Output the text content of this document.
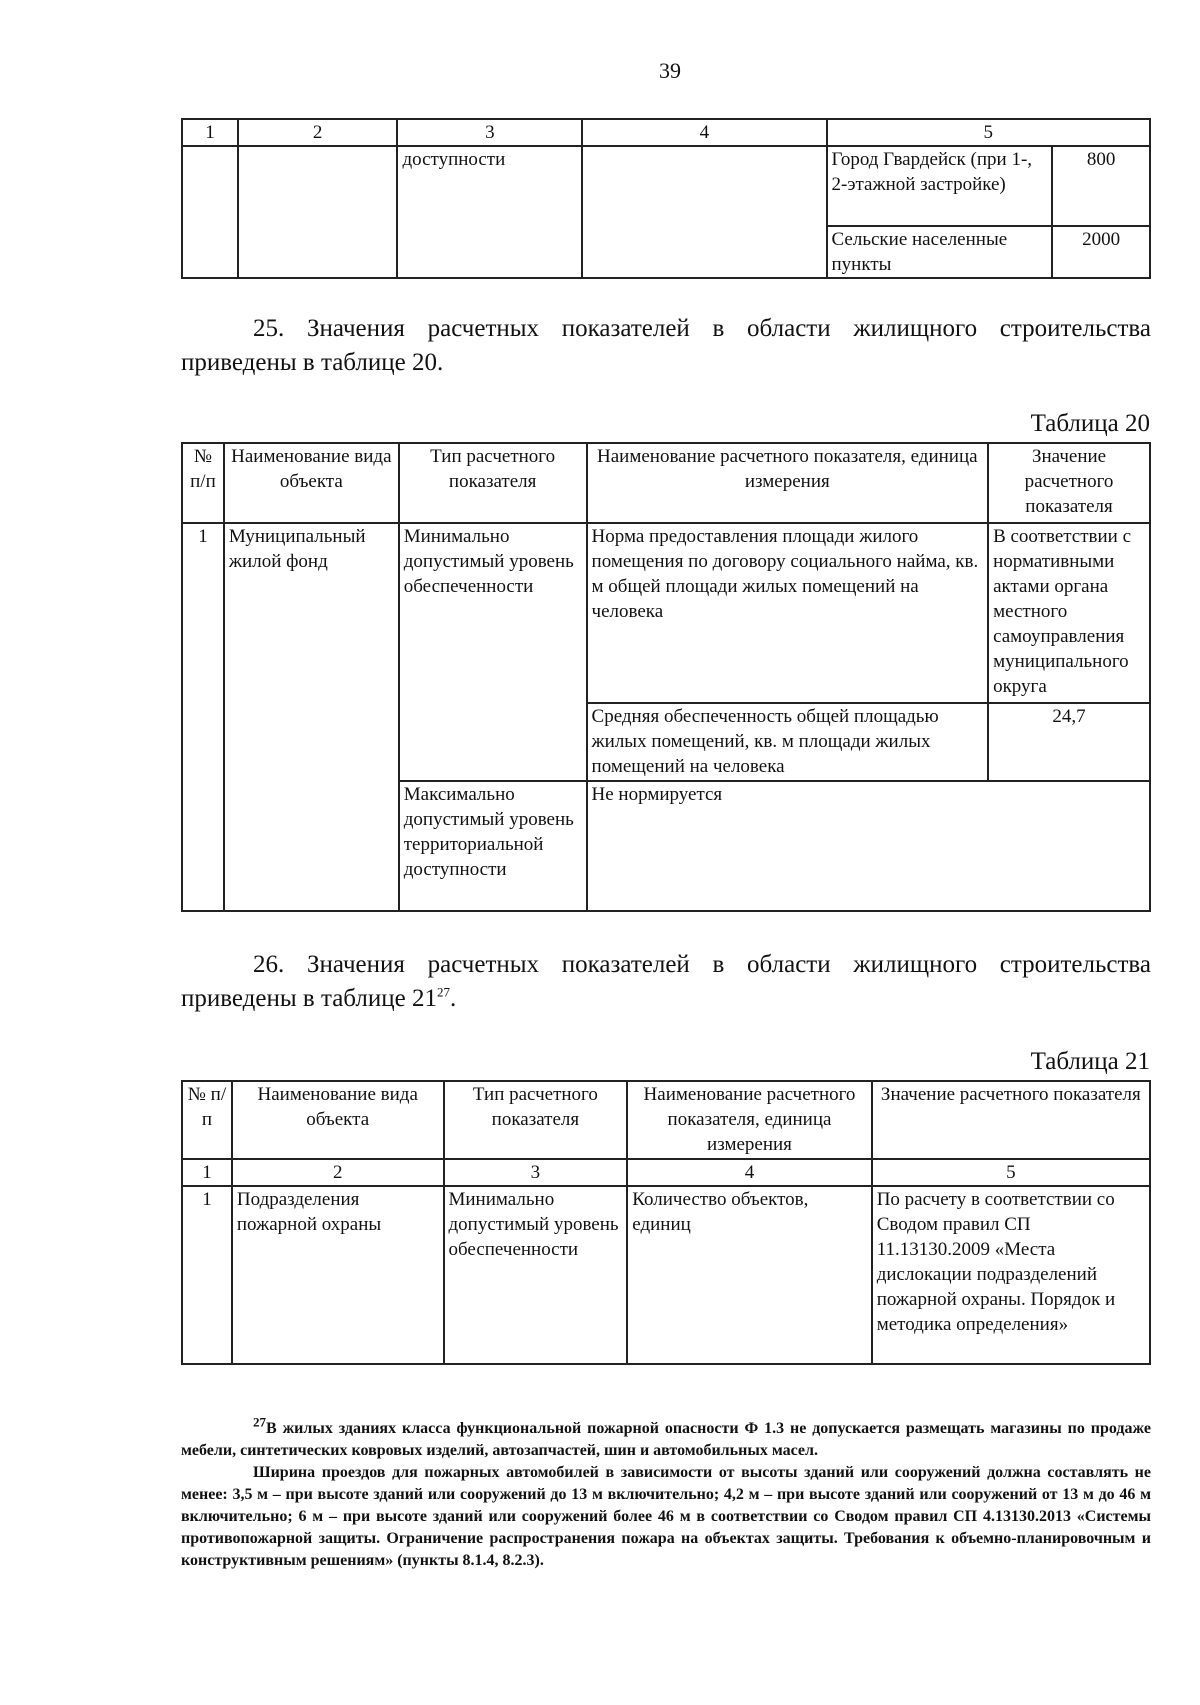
39
1	2	3	4	5	
		доступности		Город Гвардейск (при 1-, 2-этажной застройке)	800
				Сельские населенные пункты	2000
25. Значения расчетных показателей в области жилищного строительства приведены в таблице 20.
Таблица 20
№ п/п	Наименование вида объекта	Тип расчетного показателя	Наименование расчетного показателя, единица измерения	Значение расчетного показателя
1	Муниципальный жилой фонд	Минимально допустимый уровень обеспеченности	Норма предоставления площади жилого помещения по договору социального найма, кв. м общей площади жилых помещений на человека	В соответствии с нормативными актами органа местного самоуправления муниципального округа
			Средняя обеспеченность общей площадью жилых помещений, кв. м площади жилых помещений на человека	24,7
		Максимально допустимый уровень территориальной доступности	Не нормируется	
26. Значения расчетных показателей в области жилищного строительства приведены в таблице $21^{27}$.
Таблица 21
№ п/п	Наименование вида объекта	Тип расчетного показателя	Наименование расчетного показателя, единица измерения	Значение расчетного показателя
1	2	3	4	5
1	Подразделения пожарной охраны	Минимально допустимый уровень обеспеченности	Количество объектов, единиц	По расчету в соответствии со Сводом правил СП 11.13130.2009 «Места дислокации подразделений пожарной охраны. Порядок и методика определения»

$^{27}$В жилых зданиях класса функциональной пожарной опасности Ф 1.3 не допускается размещать магазины по продаже мебели, синтетических ковровых изделий, автозапчастей, шин и автомобильных масел.

Ширина проездов для пожарных автомобилей в зависимости от высоты зданий или сооружений должна составлять не менее: 3,5 м – при высоте зданий или сооружений до 13 м включительно; 4,2 м – при высоте зданий или сооружений от 13 м до 46 м включительно; 6 м – при высоте зданий или сооружений более 46 м в соответствии со Сводом правил СП 4.13130.2013 «Системы противопожарной защиты. Ограничение распространения пожара на объектах защиты. Требования к объемно-планировочным и конструктивным решениям» (пункты 8.1.4, 8.2.3).
